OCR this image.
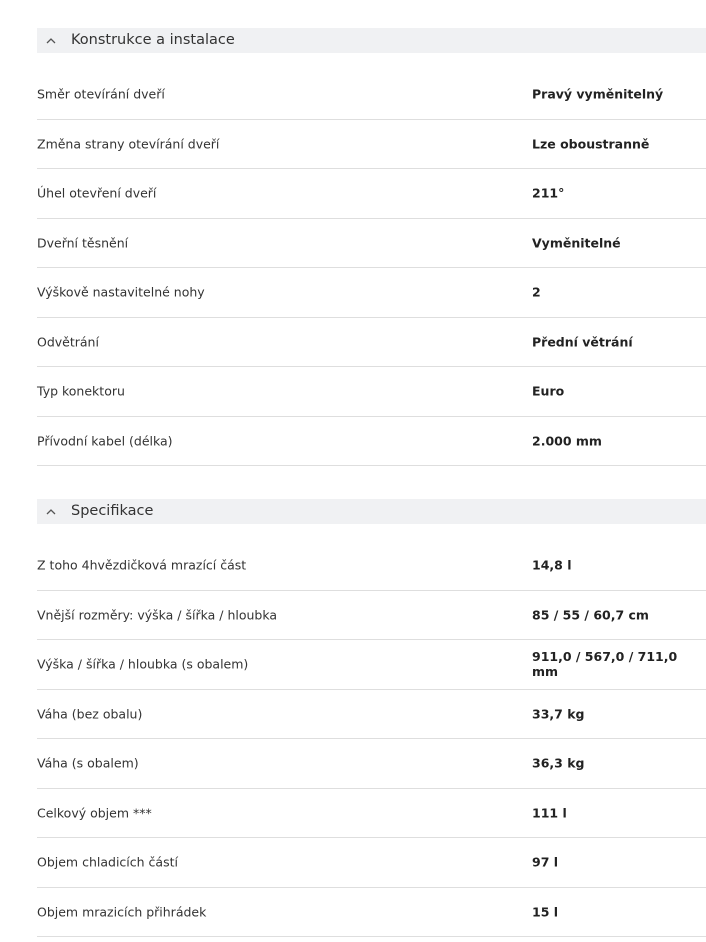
Konstrukce a instalace
Směr otevírání dveří	Pravý vyměnitelný
Změna strany otevírání dveří	Lze oboustranně
Úhel otevření dveří	211°
Dveřní těsnění	Vyměnitelné
Výškově nastavitelné nohy	2
Odvětrání	Přední větrání
Typ konektoru	Euro
Přívodní kabel (délka)	2.000 mm
Specifikace
Z toho 4hvězdičková mrazící část	14,8 l
Vnější rozměry: výška / šířka / hloubka	85 / 55 / 60,7 cm
Výška / šířka / hloubka (s obalem)	911,0 / 567,0 / 711,0 mm
Váha (bez obalu)	33,7 kg
Váha (s obalem)	36,3 kg
Celkový objem ***	111 l
Objem chladicích částí	97 l
Objem mrazicích přihrádek	15 l
